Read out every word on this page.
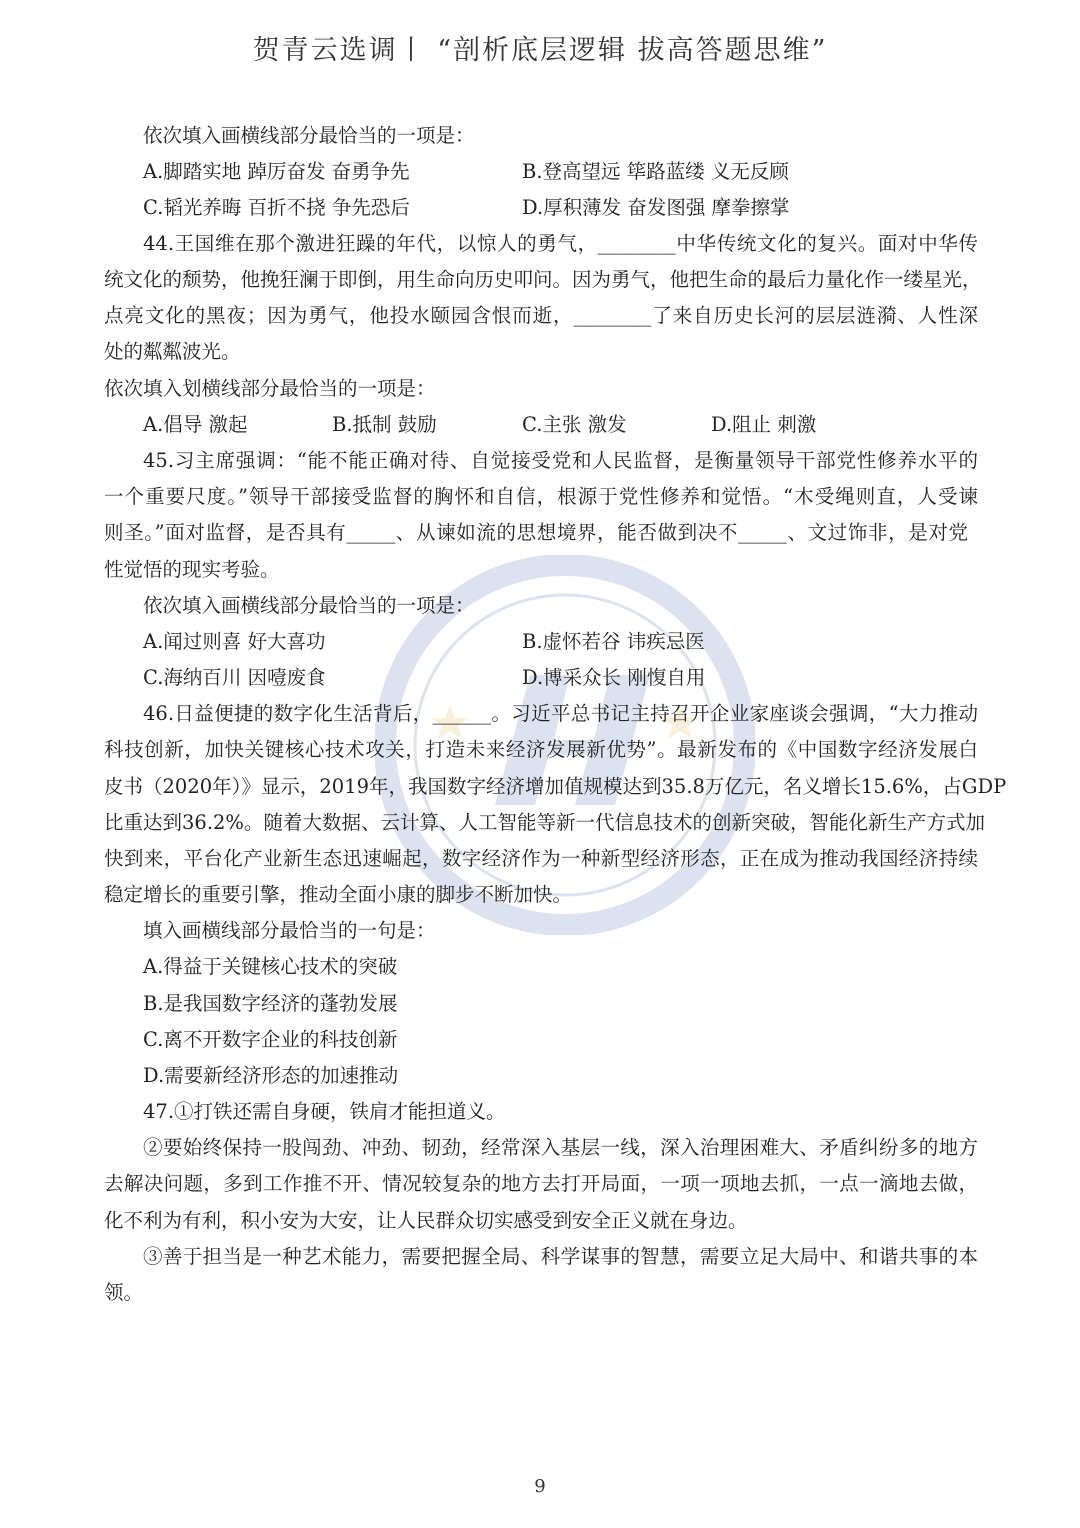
贺青云选调丨 “剖析底层逻辑 拔高答题思维”
依次填入画横线部分最恰当的一项是：
A.脚踏实地 踔厉奋发 奋勇争先	B.登高望远 筚路蓝缕 义无反顾
C.韬光养晦 百折不挠 争先恐后	D.厚积薄发 奋发图强 摩拳擦掌
44.王国维在那个激进狂躁的年代，以惊人的勇气，________中华传统文化的复兴。面对中华传
统文化的颓势，他挽狂澜于即倒，用生命向历史叩问。因为勇气，他把生命的最后力量化作一缕星光，
点亮文化的黑夜；因为勇气，他投水颐园含恨而逝，________了来自历史长河的层层涟漪、人性深
处的粼粼波光。
依次填入划横线部分最恰当的一项是：
A.倡导 激起	B.抵制 鼓励	C.主张 激发	D.阻止 刺激
45.习主席强调：“能不能正确对待、自觉接受党和人民监督，是衡量领导干部党性修养水平的
一个重要尺度。”领导干部接受监督的胸怀和自信，根源于党性修养和觉悟。“木受绳则直，人受谏
则圣。”面对监督，是否具有_____、从谏如流的思想境界，能否做到决不_____、文过饰非，是对党
性觉悟的现实考验。
依次填入画横线部分最恰当的一项是：
A.闻过则喜 好大喜功	B.虚怀若谷 讳疾忌医
C.海纳百川 因噎废食	D.博采众长 刚愎自用
46.日益便捷的数字化生活背后，______。习近平总书记主持召开企业家座谈会强调，“大力推动
科技创新，加快关键核心技术攻关，打造未来经济发展新优势”。最新发布的《中国数字经济发展白
皮书（2020年）》显示，2019年，我国数字经济增加值规模达到35.8万亿元，名义增长15.6%，占GDP
比重达到36.2%。随着大数据、云计算、人工智能等新一代信息技术的创新突破，智能化新生产方式加
快到来，平台化产业新生态迅速崛起，数字经济作为一种新型经济形态，正在成为推动我国经济持续
稳定增长的重要引擎，推动全面小康的脚步不断加快。
填入画横线部分最恰当的一句是：
A.得益于关键核心技术的突破
B.是我国数字经济的蓬勃发展
C.离不开数字企业的科技创新
D.需要新经济形态的加速推动
47.①打铁还需自身硬，铁肩才能担道义。
②要始终保持一股闯劲、冲劲、韧劲，经常深入基层一线，深入治理困难大、矛盾纠纷多的地方
去解决问题，多到工作推不开、情况较复杂的地方去打开局面，一项一项地去抓，一点一滴地去做，
化不利为有利，积小安为大安，让人民群众切实感受到安全正义就在身边。
③善于担当是一种艺术能力，需要把握全局、科学谋事的智慧，需要立足大局中、和谐共事的本
领。
9
